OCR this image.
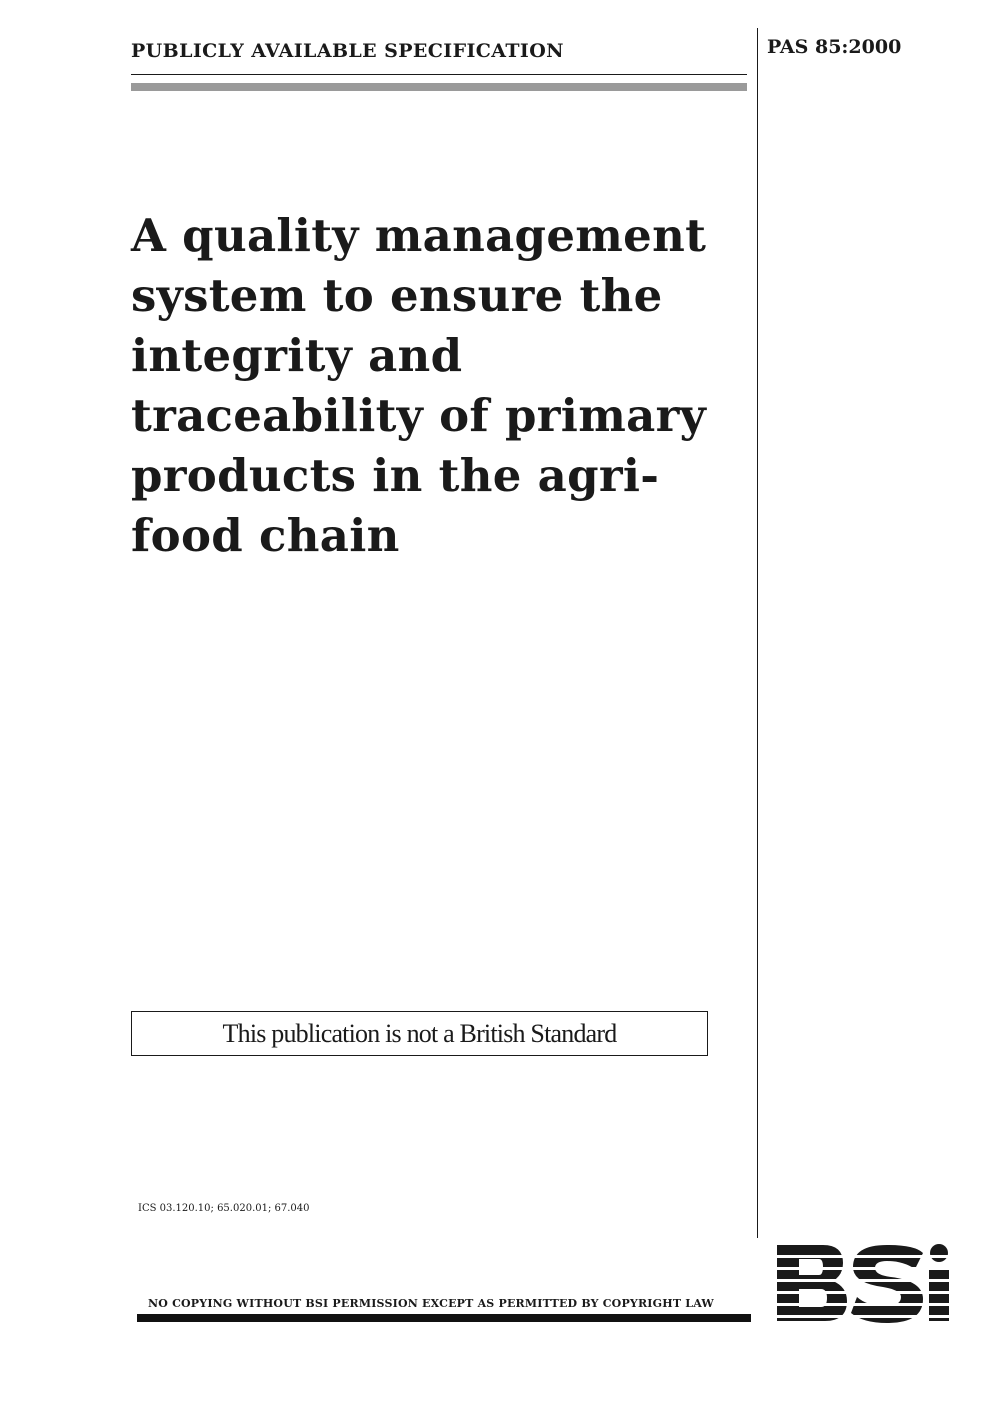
PUBLICLY AVAILABLE SPECIFICATION	PAS 85:2000
A quality management system to ensure the integrity and traceability of primary products in the agri-food chain
This publication is not a British Standard
ICS 03.120.10; 65.020.01; 67.040
NO COPYING WITHOUT BSI PERMISSION EXCEPT AS PERMITTED BY COPYRIGHT LAW
